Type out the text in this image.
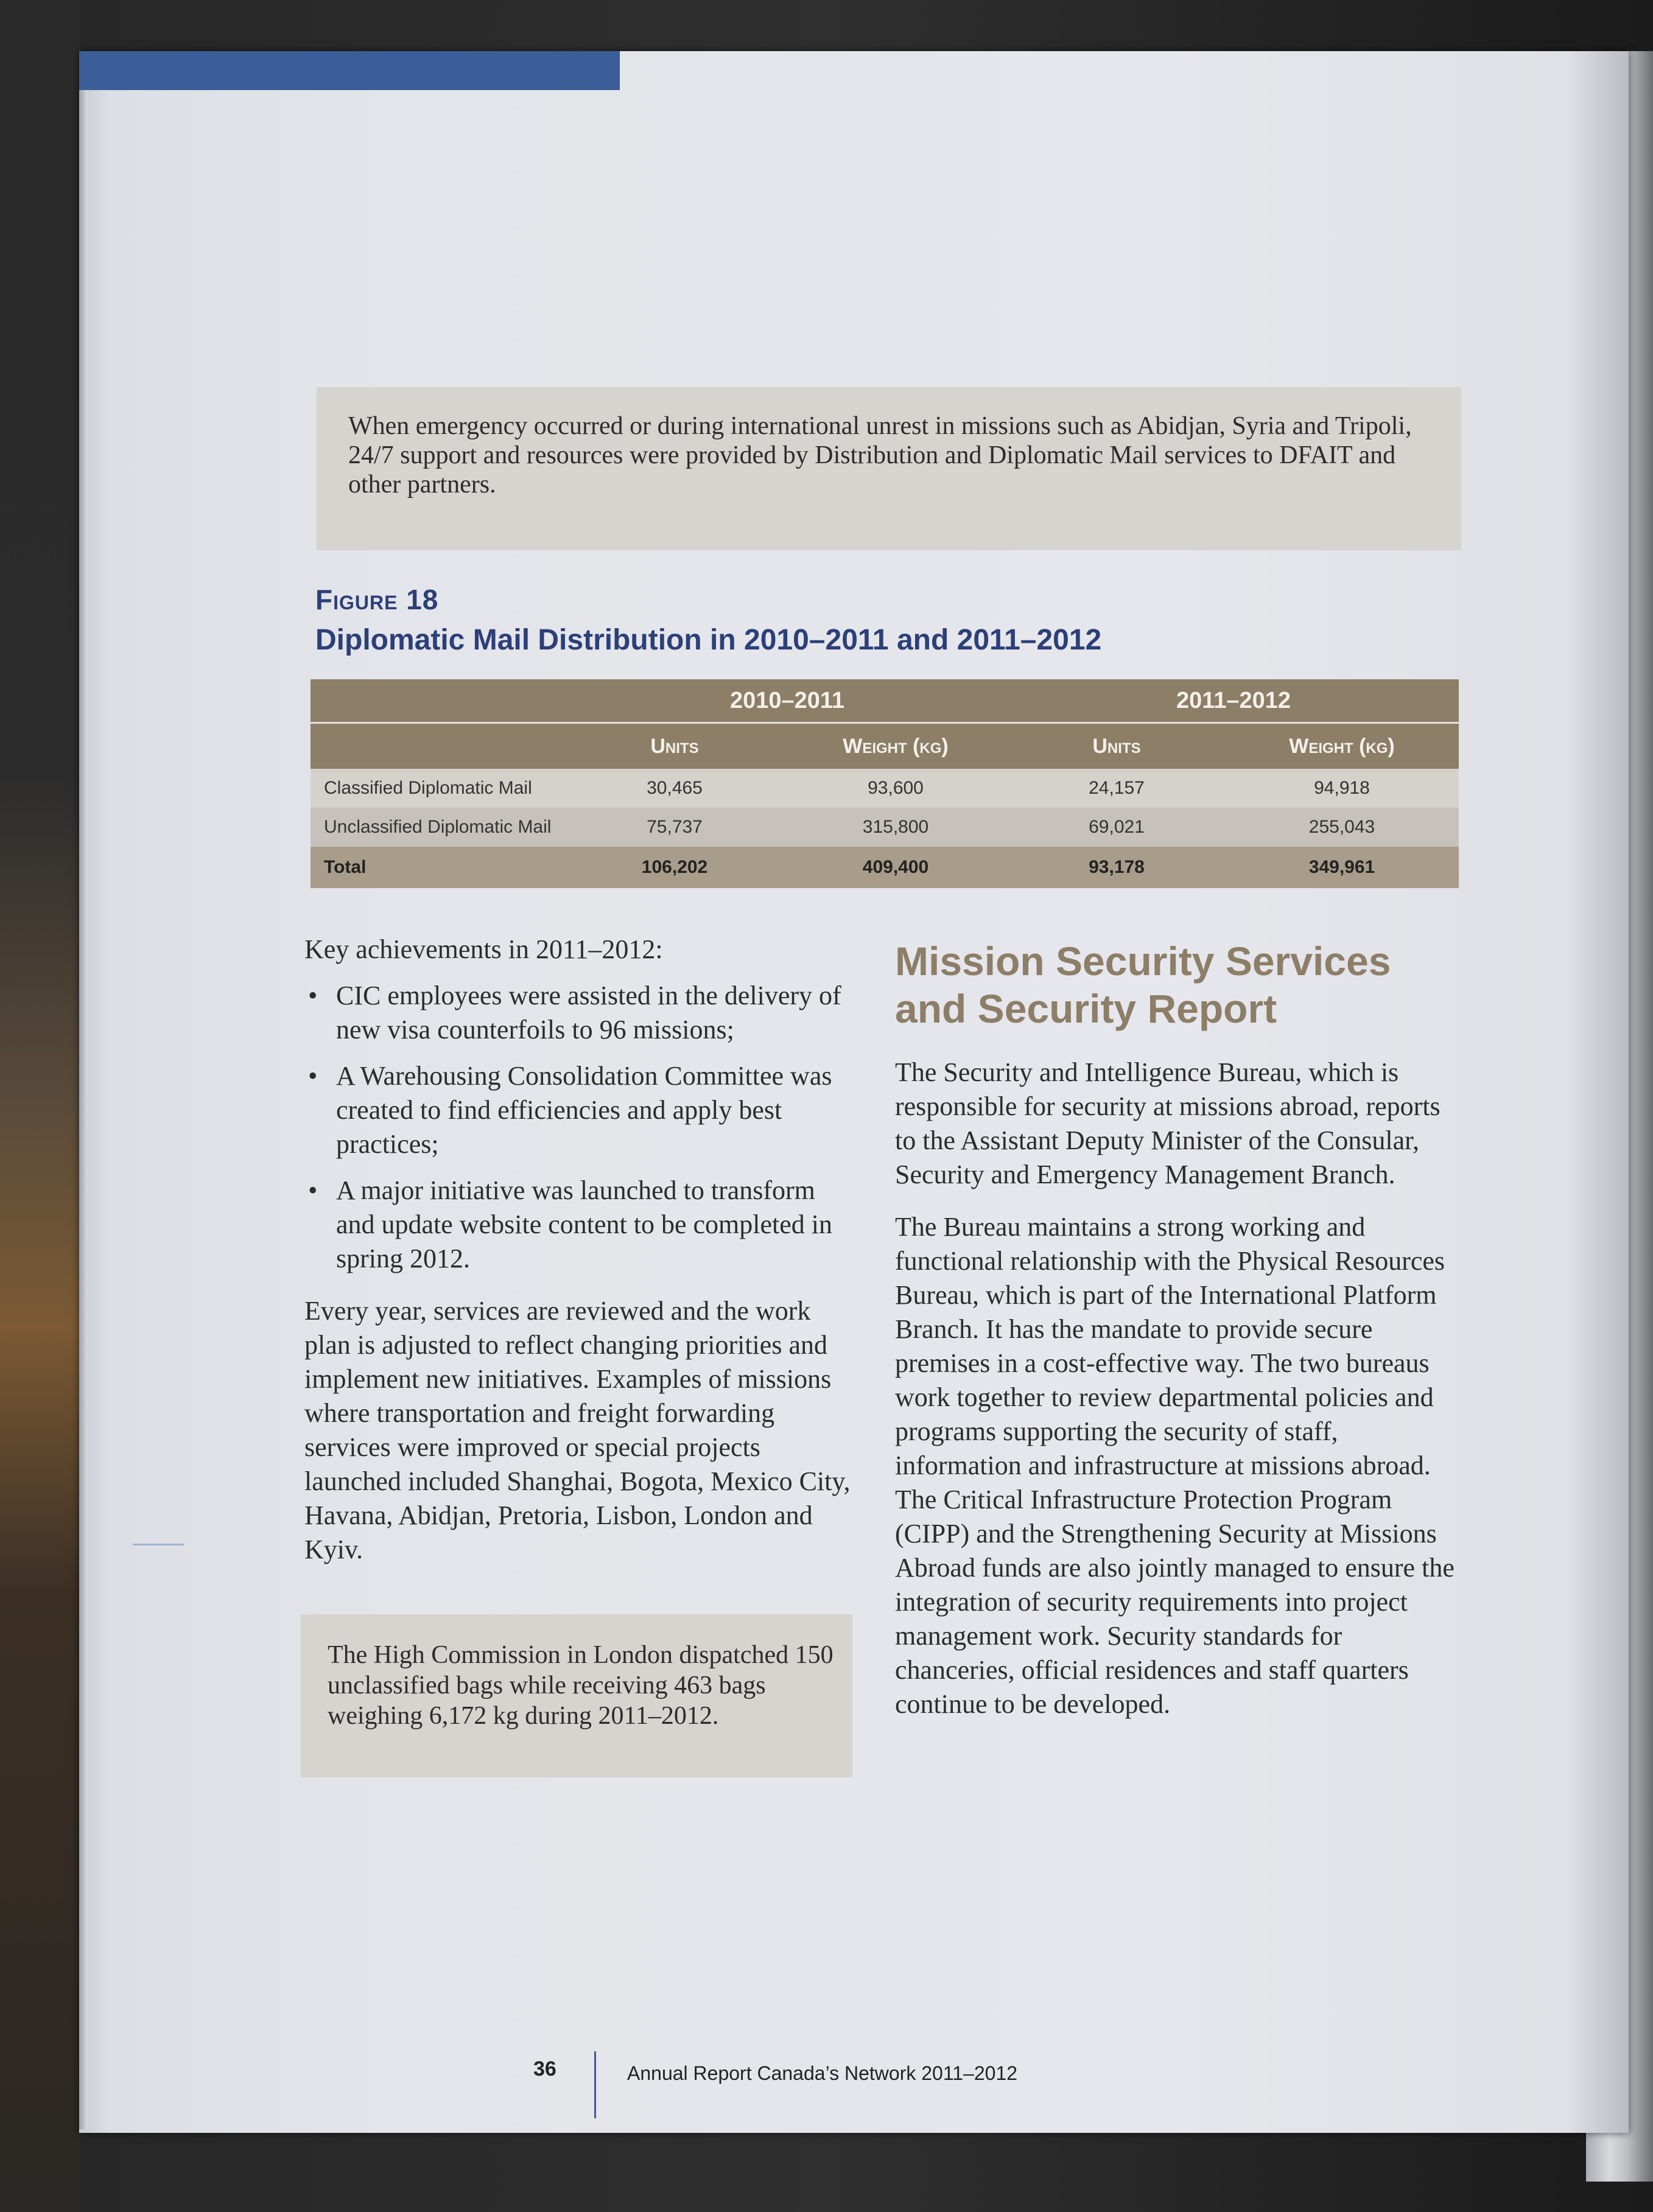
When emergency occurred or during international unrest in missions such as Abidjan, Syria and Tripoli, 24/7 support and resources were provided by Distribution and Diplomatic Mail services to DFAIT and other partners.

Figure 18
Diplomatic Mail Distribution in 2010–2011 and 2011–2012
	2010–2011		2011–2012	
	Units	Weight (kg)	Units	Weight (kg)
Classified Diplomatic Mail	30,465	93,600	24,157	94,918
Unclassified Diplomatic Mail	75,737	315,800	69,021	255,043
Total	106,202	409,400	93,178	349,961

Key achievements in 2011–2012:

• CIC employees were assisted in the delivery of new visa counterfoils to 96 missions;
• A Warehousing Consolidation Committee was created to find efficiencies and apply best practices;
• A major initiative was launched to transform and update website content to be completed in spring 2012.

Every year, services are reviewed and the work plan is adjusted to reflect changing priorities and implement new initiatives. Examples of missions where transportation and freight forwarding services were improved or special projects launched included Shanghai, Bogota, Mexico City, Havana, Abidjan, Pretoria, Lisbon, London and Kyiv.

The High Commission in London dispatched 150 unclassified bags while receiving 463 bags weighing 6,172 kg during 2011–2012.

Mission Security Services and Security Report

The Security and Intelligence Bureau, which is responsible for security at missions abroad, reports to the Assistant Deputy Minister of the Consular, Security and Emergency Management Branch.

The Bureau maintains a strong working and functional relationship with the Physical Resources Bureau, which is part of the International Platform Branch. It has the mandate to provide secure premises in a cost-effective way. The two bureaus work together to review departmental policies and programs supporting the security of staff, information and infrastructure at missions abroad. The Critical Infrastructure Protection Program (CIPP) and the Strengthening Security at Missions Abroad funds are also jointly managed to ensure the integration of security requirements into project management work. Security standards for chanceries, official residences and staff quarters continue to be developed.

36	Annual Report Canada’s Network 2011–2012
